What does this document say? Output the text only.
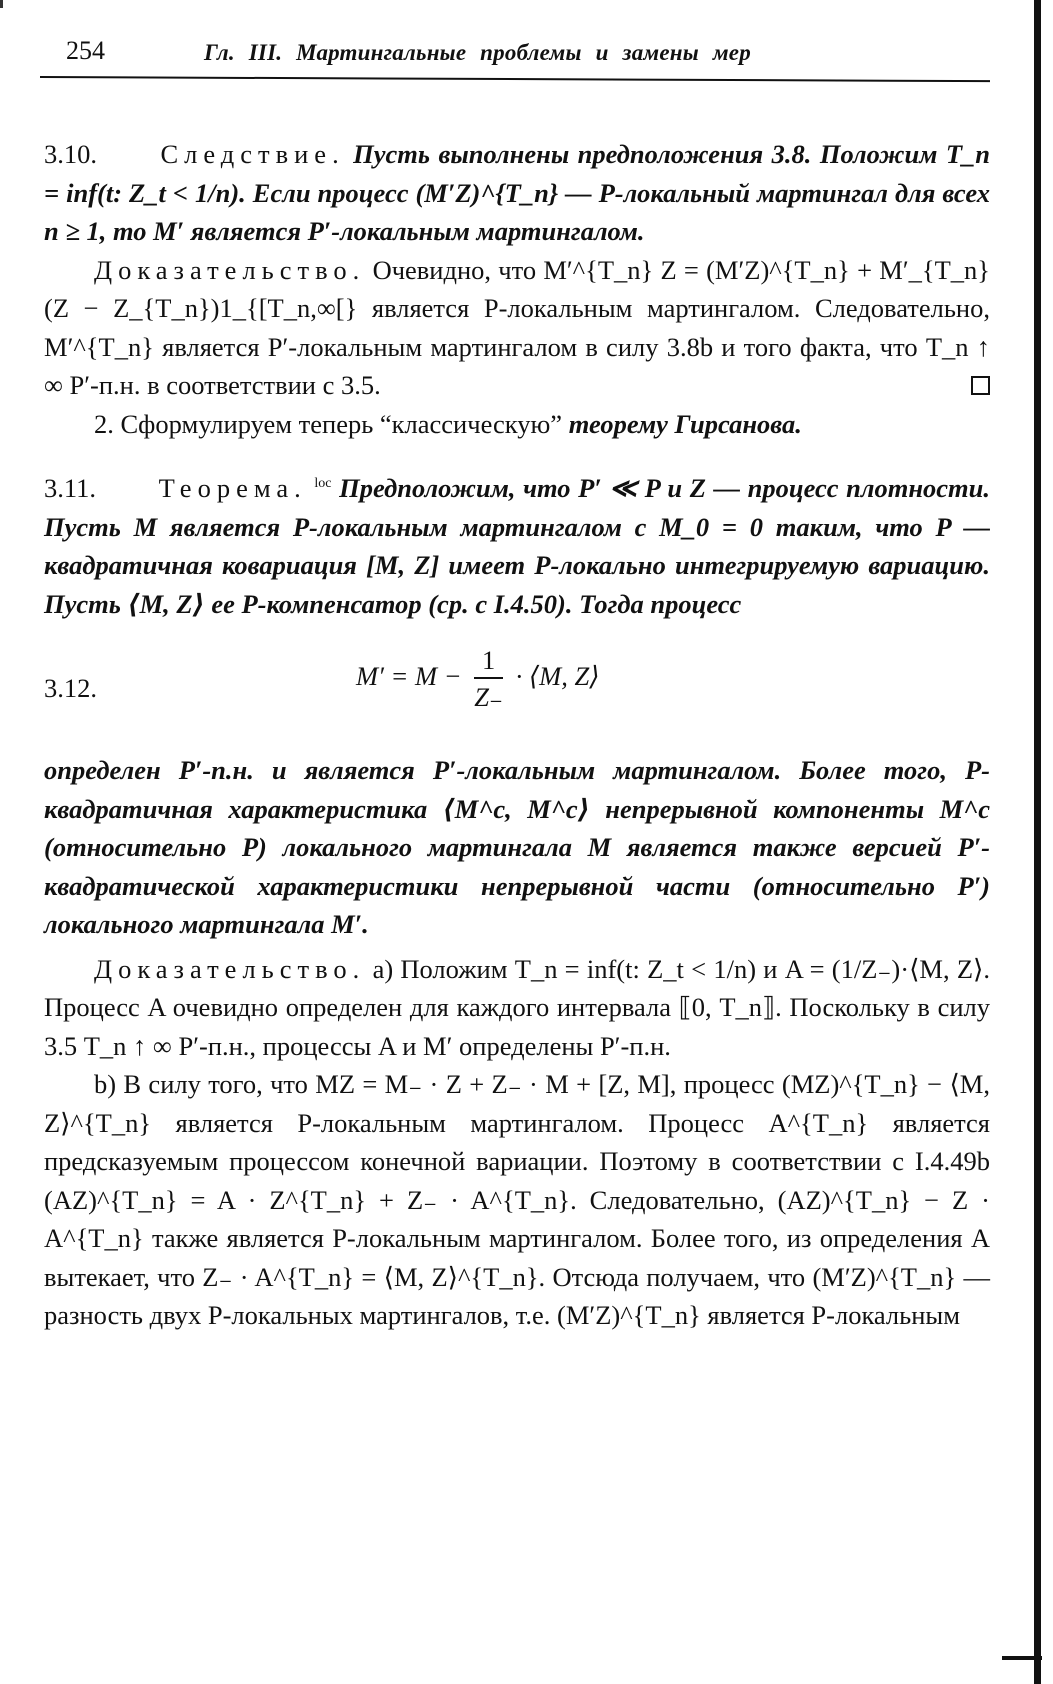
254	Гл. III. Мартингальные проблемы и замены мер

3.10. Следствие. Пусть выполнены предположения 3.8. Положим T_n = inf(t: Z_t < 1/n). Если процесс (M′Z)^{T_n} — P-локальный мартингал для всех n ≥ 1, то M′ является P′-локальным мартингалом.

Доказательство. Очевидно, что M′^{T_n} Z = (M′Z)^{T_n} + M′_{T_n}(Z − Z_{T_n})1_{[T_n,∞[} является P-локальным мартингалом. Следовательно, M′^{T_n} является P′-локальным мартингалом в силу 3.8b и того факта, что T_n ↑ ∞ P′-п.н. в соответствии с 3.5.

2. Сформулируем теперь “классическую” теорему Гирсанова.

3.11. Теорема. $^{loc}$ Предположим, что P′ ≪ P и Z — процесс плотности. Пусть M является P-локальным мартингалом с M_0 = 0 таким, что P — квадратичная ковариация [M, Z] имеет P-локально интегрируемую вариацию. Пусть ⟨M, Z⟩ ее P-компенсатор (ср. с I.4.50). Тогда процесс

3.12.	$M' = M - \frac{1}{Z_-}$ · ⟨M, Z⟩

определен P′-п.н. и является P′-локальным мартингалом. Более того, P-квадратичная характеристика ⟨M^c, M^c⟩ непрерывной компоненты M^c (относительно P) локального мартингала M является также версией P′-квадратической характеристики непрерывной части (относительно P′) локального мартингала M′.

Доказательство. a) Положим T_n = inf(t: Z_t < 1/n) и A = (1/Z₋)·⟨M, Z⟩. Процесс A очевидно определен для каждого интервала ⟦0, T_n⟧. Поскольку в силу 3.5 T_n ↑ ∞ P′-п.н., процессы A и M′ определены P′-п.н.

b) В силу того, что MZ = M₋ · Z + Z₋ · M + [Z, M], процесс (MZ)^{T_n} − ⟨M, Z⟩^{T_n} является P-локальным мартингалом. Процесс A^{T_n} является предсказуемым процессом конечной вариации. Поэтому в соответствии с I.4.49b (AZ)^{T_n} = A · Z^{T_n} + Z₋ · A^{T_n}. Следовательно, (AZ)^{T_n} − Z · A^{T_n} также является P-локальным мартингалом. Более того, из определения A вытекает, что Z₋ · A^{T_n} = ⟨M, Z⟩^{T_n}. Отсюда получаем, что (M′Z)^{T_n} — разность двух P-локальных мартингалов, т.е. (M′Z)^{T_n} является P-локальным
